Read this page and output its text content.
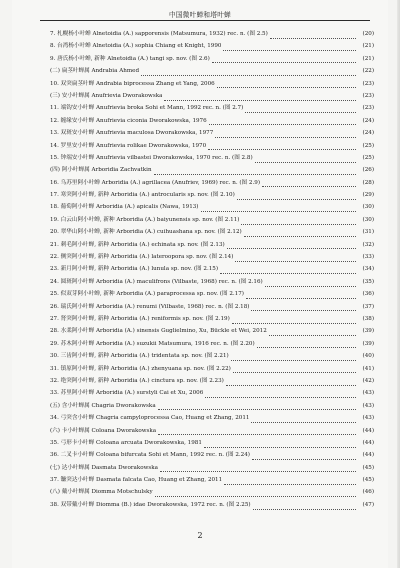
中国微叶蝉和塔叶蝉
7. 札幌杨小叶蝉 Alnetoidia (A.) sapporensis (Matsumura, 1932) rec. n. (图 2.5)	(20)
8. 台湾杨小叶蝉 Alnetoidia (A.) sophia Chiang et Knight, 1990	(21)
9. 唐氏杨小叶蝉, 新种 Alnetoidia (A.) tangi sp. nov. (图 2.6)	(21)
(二) 扁茎叶蝉属 Andrabia Ahmed	(22)
10. 双突扁茎叶蝉 Andrabia biprocessa Zhang et Yang, 2006	(23)
(三) 安小叶蝉属 Anufrievia Dworakowska	(23)
11. 端钩安小叶蝉 Anufrievia broka Sohi et Mann, 1992 rec. n. (图 2.7)	(23)
12. 缠缘安小叶蝉 Anufrievia ciconia Dworakowska, 1976	(24)
13. 双斑安小叶蝉 Anufrievia maculosa Dworakowska, 1977	(24)
14. 罗里安小叶蝉 Anufrievia rolikae Dworakowska, 1970	(25)
15. 钟端安小叶蝉 Anufrievia vilbastei Dworakowska, 1970 rec. n. (图 2.8)	(25)
(四) 阿小叶蝉属 Arboridia Zachvatkin	(26)
16. 乌苏里阿小叶蝉 Arboridia (A.) agrillacea (Anufriev, 1969) rec. n. (图 2.9)	(28)
17. 寒突阿小叶蝉, 新种 Arboridia (A.) antrocularis sp. nov. (图 2.10)	(29)
18. 葡萄阿小叶蝉 Arboridia (A.) apicalis (Nawa, 1913)	(30)
19. 白云山阿小叶蝉, 新种 Arboridia (A.) baiyunensis sp. nov. (图 2.11)	(30)
20. 翠华山阿小叶蝉, 新种 Arboridia (A.) cuihuashana sp. nov. (图 2.12)	(31)
21. 刺毛阿小叶蝉, 新种 Arboridia (A.) echinata sp. nov. (图 2.13)	(32)
22. 侧突阿小叶蝉, 新种 Arboridia (A.) lateroopora sp. nov. (图 2.14)	(33)
23. 新月阿小叶蝉, 新种 Arboridia (A.) lunula sp. nov. (图 2.15)	(34)
24. 圆斑阿小叶蝉 Arboridia (A.) maculifrons (Vilbaste, 1968) rec. n. (图 2.16)	(35)
25. 似双芽阿小叶蝉, 新种 Arboridia (A.) paraprocessa sp. nov. (图 2.17)	(36)
26. 瑞氏阿小叶蝉 Arboridia (A.) renumi (Vilbaste, 1968) rec. n. (图 2.18)	(37)
27. 肾突阿小叶蝉, 新种 Arboridia (A.) reniformis sp. nov. (图 2.19)	(38)
28. 水柔阿小叶蝉 Arboridia (A.) sinensis Guglielmino, Xu, Bückle et Wei, 2012	(39)
29. 苏木阿小叶蝉 Arboridia (A.) suzukii Matsumura, 1916 rec. n. (图 2.20)	(39)
30. 三齿阿小叶蝉, 新种 Arboridia (A.) tridentata sp. nov. (图 2.21)	(40)
31. 镇原阿小叶蝉, 新种 Arboridia (A.) zhenyuana sp. nov. (图 2.22)	(41)
32. 绝突阿小叶蝉, 新种 Arboridia (A.) cinctura sp. nov. (图 2.23)	(42)
33. 苏里阿小叶蝉 Arboridia (A.) surstyli Cai et Xu, 2006	(43)
(五) 含小叶蝉属 Chagria Dworakowska	(43)
34. 弓突含小叶蝉 Chagria campyloprocessa Cao, Huang et Zhang, 2011	(43)
(六) 卡小叶蝉属 Coloana Dworakowska	(44)
35. 弓形卡小叶蝉 Coloana arcuata Dworakowska, 1981	(44)
36. 二叉卡小叶蝉 Coloana bifurcata Sohi et Mann, 1992 rec. n. (图 2.24)	(44)
(七) 达小叶蝉属 Dasmata Dworakowska	(45)
37. 镰突达小叶蝉 Dasmata falcata Cao, Huang et Zhang, 2011	(45)
(八) 戴小叶蝉属 Diomma Motschulsky	(46)
38. 双带戴小叶蝉 Diomma (B.) idae Dworakowska, 1972 rec. n. (图 2.25)	(47)
2
